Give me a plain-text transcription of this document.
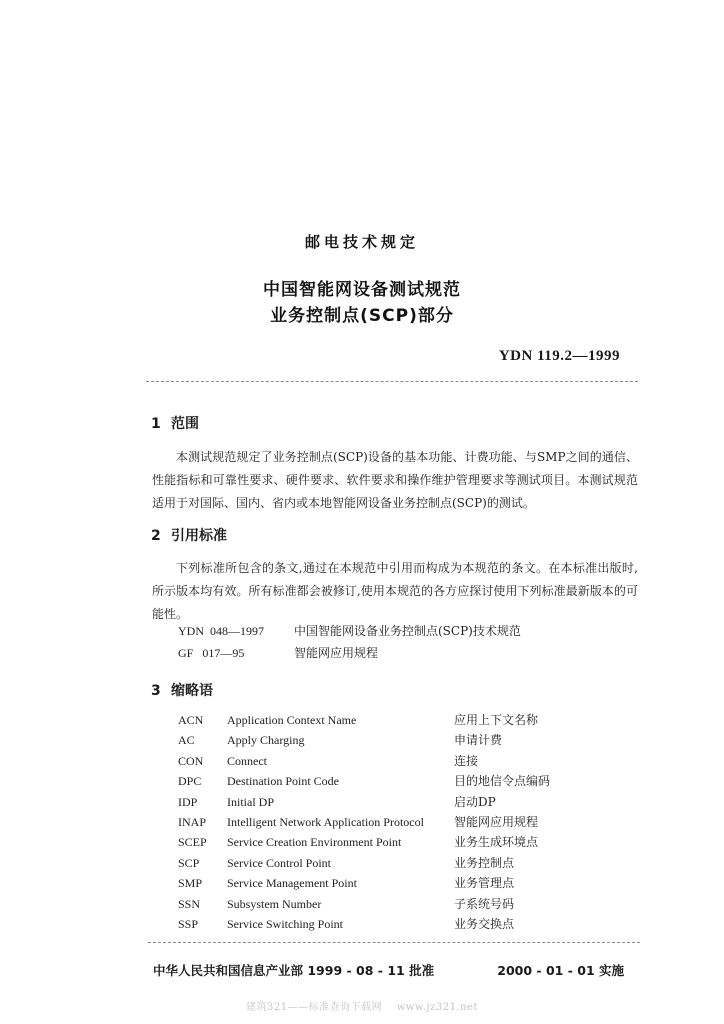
邮电技术规定
中国智能网设备测试规范
业务控制点(SCP)部分
YDN 119.2—1999
1 范围
本测试规范规定了业务控制点(SCP)设备的基本功能、计费功能、与SMP之间的通信、性能指标和可靠性要求、硬件要求、软件要求和操作维护管理要求等测试项目。本测试规范适用于对国际、国内、省内或本地智能网设备业务控制点(SCP)的测试。
2 引用标准
下列标准所包含的条文,通过在本规范中引用而构成为本规范的条文。在本标准出版时,所示版本均有效。所有标准都会被修订,使用本规范的各方应探讨使用下列标准最新版本的可能性。
YDN  048—1997	中国智能网设备业务控制点(SCP)技术规范
GF   017—95	智能网应用规程
3 缩略语
ACN Application Context Name	应用上下文名称
AC	Apply Charging	申请计费
CON Connect	连接
DPC Destination Point Code	目的地信令点编码
IDP Initial DP	启动DP
INAP Intelligent Network Application Protocol	智能网应用规程
SCEP Service Creation Environment Point	业务生成环境点
SCP Service Control Point	业务控制点
SMP Service Management Point	业务管理点
SSN Subsystem Number	子系统号码
SSP Service Switching Point	业务交换点
中华人民共和国信息产业部 1999 - 08 - 11 批准	2000 - 01 - 01 实施
建筑321——标准查询下载网    www.jz321.net
